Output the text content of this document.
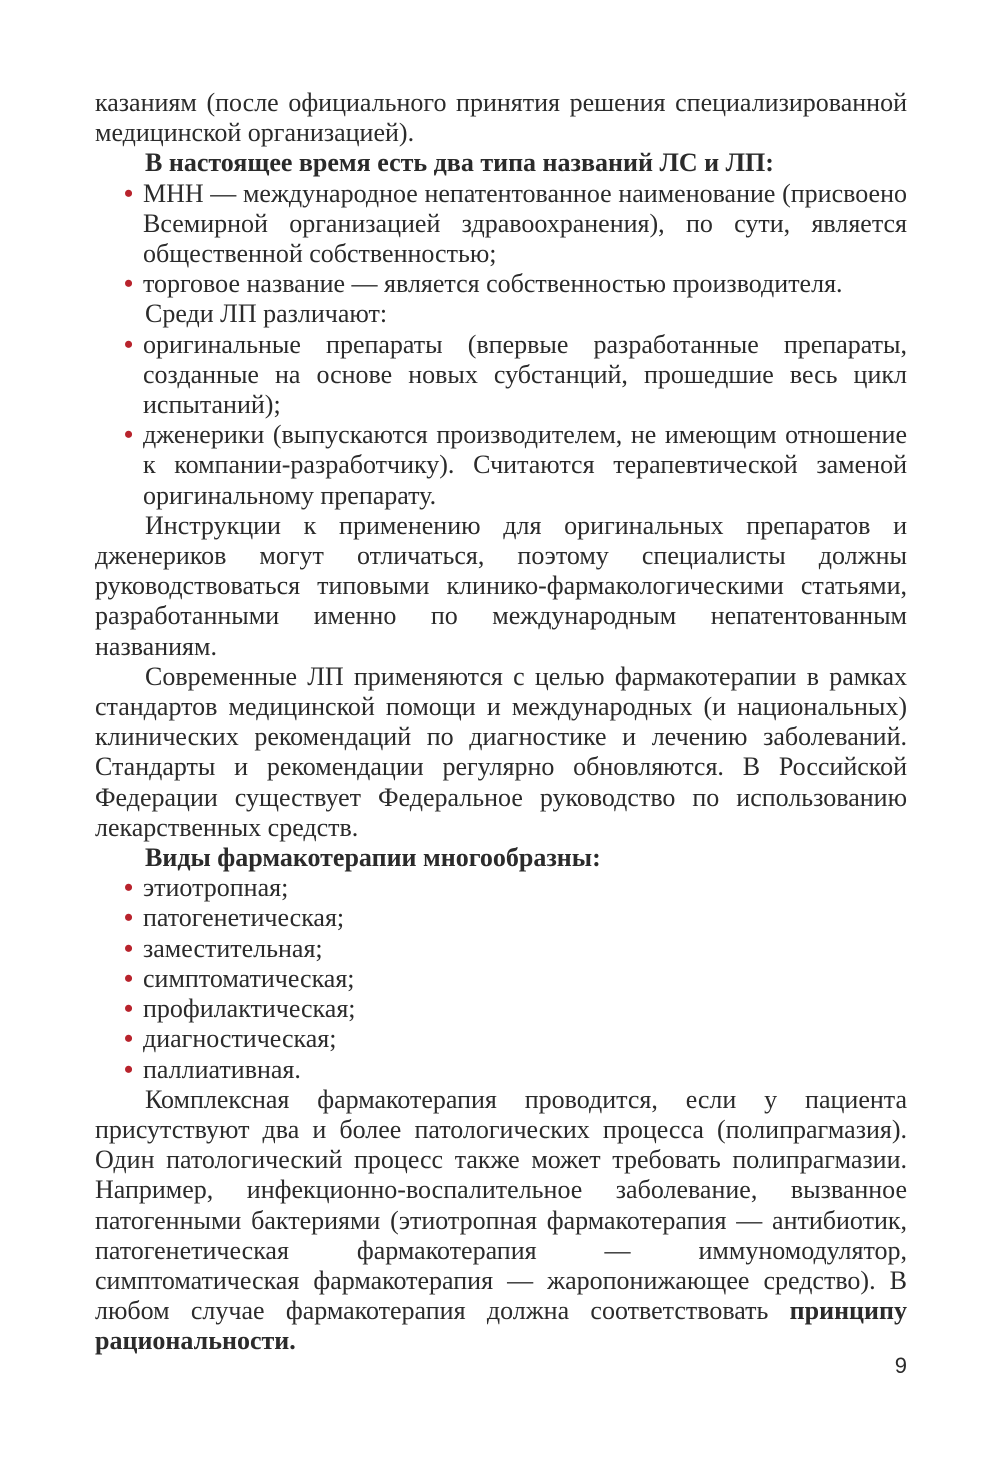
казаниям (после официального принятия решения специализированной
медицинской организацией).

В настоящее время есть два типа названий ЛС и ЛП:

• МНН — международное непатентованное наименование (присвоено Всемирной организацией здравоохранения), по сути, является общественной собственностью;
• торговое название — является собственностью производителя.

Среди ЛП различают:

• оригинальные препараты (впервые разработанные препараты, созданные на основе новых субстанций, прошедшие весь цикл испытаний);
• дженерики (выпускаются производителем, не имеющим отношение к компании-разработчику). Считаются терапевтической заменой оригинальному препарату.

Инструкции к применению для оригинальных препаратов и дженериков могут отличаться, поэтому специалисты должны руководствоваться типовыми клинико-фармакологическими статьями, разработанными именно по международным непатентованным названиям.

Современные ЛП применяются с целью фармакотерапии в рамках стандартов медицинской помощи и международных (и национальных) клинических рекомендаций по диагностике и лечению заболеваний. Стандарты и рекомендации регулярно обновляются. В Российской Федерации существует Федеральное руководство по использованию лекарственных средств.

Виды фармакотерапии многообразны:

• этиотропная;
• патогенетическая;
• заместительная;
• симптоматическая;
• профилактическая;
• диагностическая;
• паллиативная.

Комплексная фармакотерапия проводится, если у пациента присутствуют два и более патологических процесса (полипрагмазия). Один патологический процесс также может требовать полипрагмазии. Например, инфекционно-воспалительное заболевание, вызванное патогенными бактериями (этиотропная фармакотерапия — антибиотик, патогенетическая фармакотерапия — иммуномодулятор, симптоматическая фармакотерапия — жаропонижающее средство). В любом случае фармакотерапия должна соответствовать принципу рациональности.

9
